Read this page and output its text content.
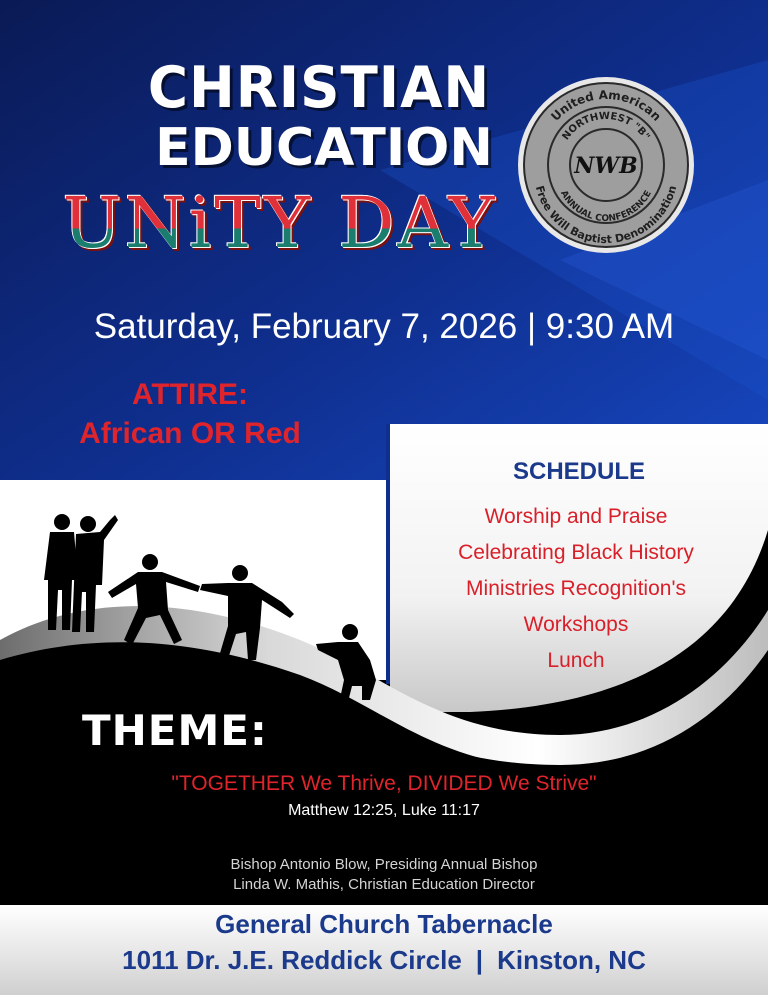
CHRISTIAN
EDUCATION
UNiTY DAY
United American
Free Will Baptist Denomination
NORTHWEST "B"
ANNUAL CONFERENCE
NWB
Saturday, February 7, 2026 | 9:30 AM
ATTIRE:
African OR Red
SCHEDULE
Worship and Praise
Celebrating Black History
Ministries Recognition's
Workshops
Lunch
THEME:
"TOGETHER We Thrive, DIVIDED We Strive"
Matthew 12:25, Luke 11:17
Bishop Antonio Blow, Presiding Annual Bishop
Linda W. Mathis, Christian Education Director
General Church Tabernacle
1011 Dr. J.E. Reddick Circle | Kinston, NC
